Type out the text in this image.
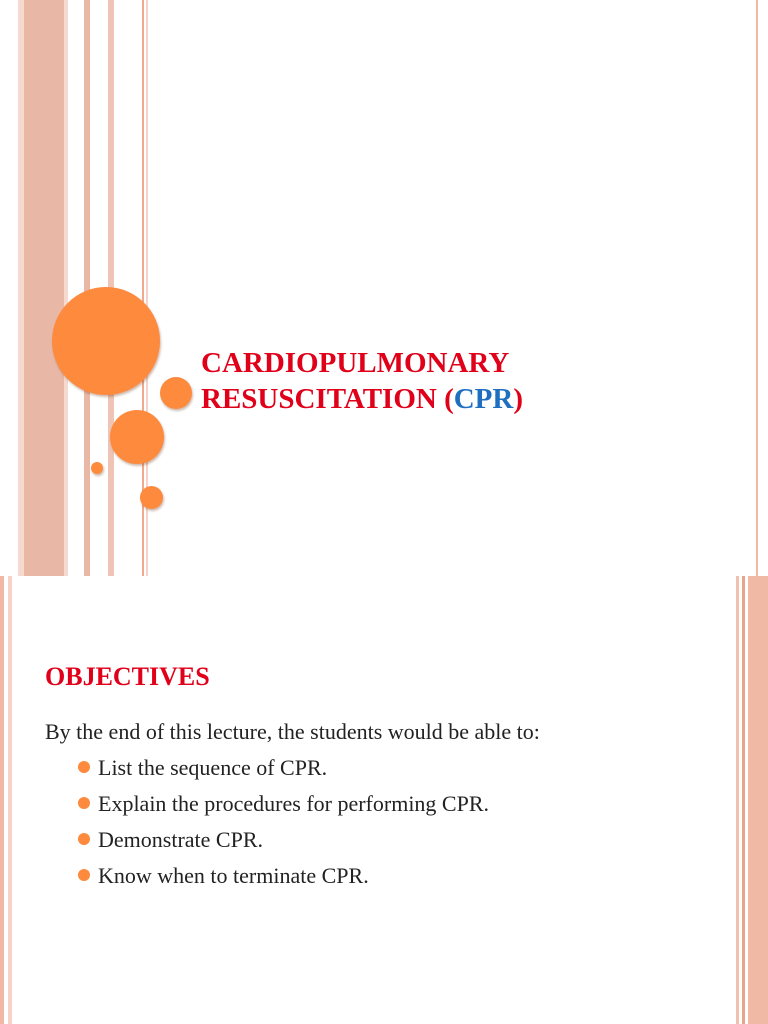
CARDIOPULMONARY
RESUSCITATION (CPR)
OBJECTIVES
By the end of this lecture, the students would be able to:
List the sequence of CPR.
Explain the procedures for performing CPR.
Demonstrate CPR.
Know when to terminate CPR.
